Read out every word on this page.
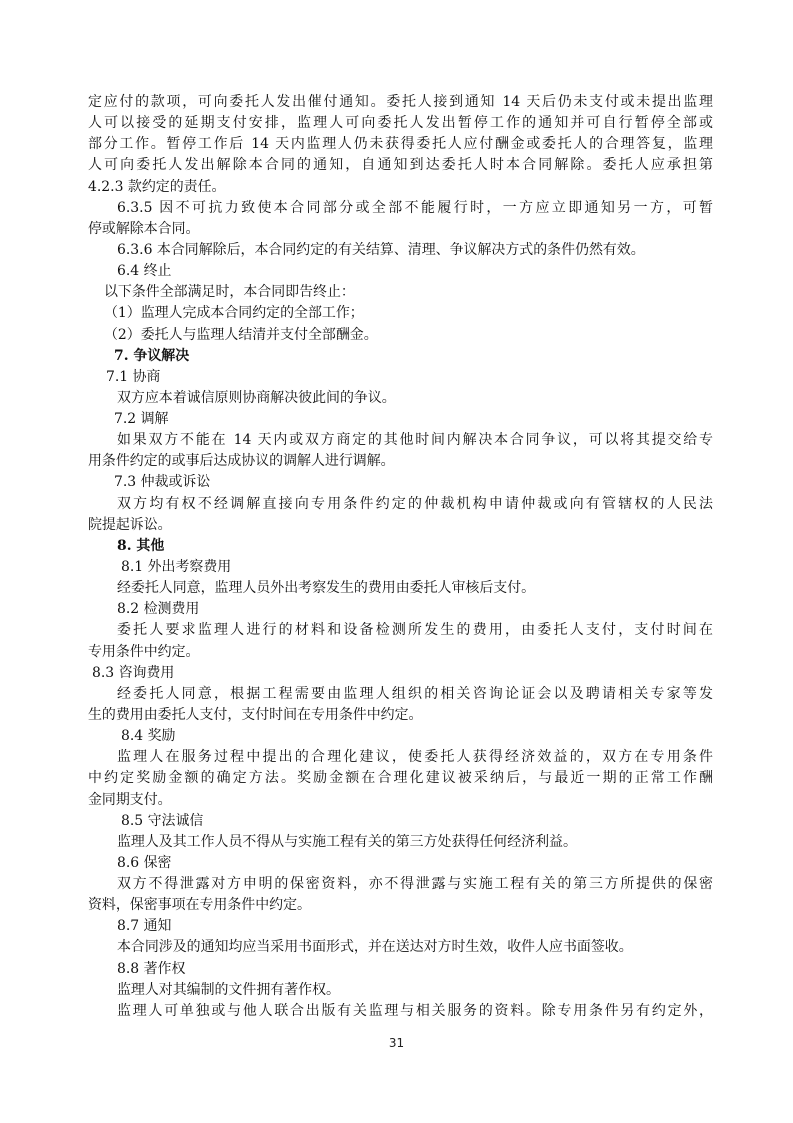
定应付的款项，可向委托人发出催付通知。委托人接到通知 14 天后仍未支付或未提出监理
人可以接受的延期支付安排，监理人可向委托人发出暂停工作的通知并可自行暂停全部或
部分工作。暂停工作后 14 天内监理人仍未获得委托人应付酬金或委托人的合理答复，监理
人可向委托人发出解除本合同的通知，自通知到达委托人时本合同解除。委托人应承担第
4.2.3 款约定的责任。
6.3.5 因不可抗力致使本合同部分或全部不能履行时，一方应立即通知另一方，可暂
停或解除本合同。
6.3.6 本合同解除后，本合同约定的有关结算、清理、争议解决方式的条件仍然有效。
6.4 终止
以下条件全部满足时，本合同即告终止：
（1）监理人完成本合同约定的全部工作；
（2）委托人与监理人结清并支付全部酬金。
7. 争议解决
7.1 协商
双方应本着诚信原则协商解决彼此间的争议。
7.2 调解
如果双方不能在 14 天内或双方商定的其他时间内解决本合同争议，可以将其提交给专
用条件约定的或事后达成协议的调解人进行调解。
7.3 仲裁或诉讼
双方均有权不经调解直接向专用条件约定的仲裁机构申请仲裁或向有管辖权的人民法
院提起诉讼。
8. 其他
8.1 外出考察费用
经委托人同意，监理人员外出考察发生的费用由委托人审核后支付。
8.2 检测费用
委托人要求监理人进行的材料和设备检测所发生的费用，由委托人支付，支付时间在
专用条件中约定。
8.3 咨询费用
经委托人同意，根据工程需要由监理人组织的相关咨询论证会以及聘请相关专家等发
生的费用由委托人支付，支付时间在专用条件中约定。
8.4 奖励
监理人在服务过程中提出的合理化建议，使委托人获得经济效益的，双方在专用条件
中约定奖励金额的确定方法。奖励金额在合理化建议被采纳后，与最近一期的正常工作酬
金同期支付。
8.5 守法诚信
监理人及其工作人员不得从与实施工程有关的第三方处获得任何经济利益。
8.6 保密
双方不得泄露对方申明的保密资料，亦不得泄露与实施工程有关的第三方所提供的保密
资料，保密事项在专用条件中约定。
8.7 通知
本合同涉及的通知均应当采用书面形式，并在送达对方时生效，收件人应书面签收。
8.8 著作权
监理人对其编制的文件拥有著作权。
监理人可单独或与他人联合出版有关监理与相关服务的资料。除专用条件另有约定外，
31
